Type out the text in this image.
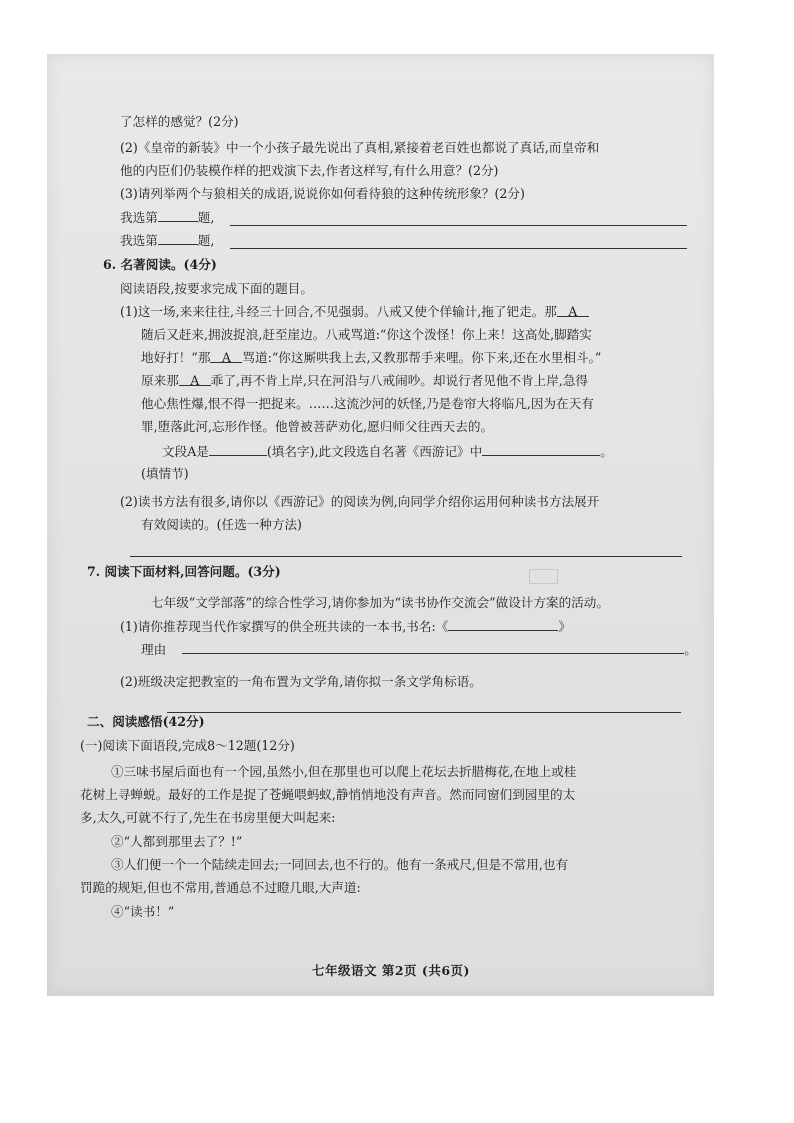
了怎样的感觉？(2分)
(2)《皇帝的新装》中一个小孩子最先说出了真相,紧接着老百姓也都说了真话,而皇帝和
他的内臣们仍装模作样的把戏演下去,作者这样写,有什么用意？(2分)
(3)请列举两个与狼相关的成语,说说你如何看待狼的这种传统形象？(2分)
我选第	题,
我选第	题,
6. 名著阅读。(4分)
阅读语段,按要求完成下面的题目。
(1)这一场,来来往往,斗经三十回合,不见强弱。八戒又使个佯输计,拖了钯走。那 A
随后又赶来,拥波捉浪,赶至崖边。八戒骂道:“你这个泼怪！你上来！这高处,脚踏实
地好打！”那 A 骂道:“你这厮哄我上去,又教那帮手来哩。你下来,还在水里相斗。”
原来那 A 乖了,再不肯上岸,只在河沿与八戒闹吵。却说行者见他不肯上岸,急得
他心焦性爆,恨不得一把捉来。……这流沙河的妖怪,乃是卷帘大将临凡,因为在天有
罪,堕落此河,忘形作怪。他曾被菩萨劝化,愿归师父往西天去的。
文段A是	(填名字),此文段选自名著《西游记》中	。
(填情节)
(2)读书方法有很多,请你以《西游记》的阅读为例,向同学介绍你运用何种读书方法展开
有效阅读的。(任选一种方法)
7. 阅读下面材料,回答问题。(3分)

七年级“文学部落”的综合性学习,请你参加为“读书协作交流会”做设计方案的活动。
(1)请你推荐现当代作家撰写的供全班共读的一本书,书名:《	》
理由	。
(2)班级决定把教室的一角布置为文学角,请你拟一条文学角标语。
二、阅读感悟(42分)
(一)阅读下面语段,完成8～12题(12分)
①三味书屋后面也有一个园,虽然小,但在那里也可以爬上花坛去折腊梅花,在地上或桂
花树上寻蝉蜕。最好的工作是捉了苍蝇喂蚂蚁,静悄悄地没有声音。然而同窗们到园里的太
多,太久,可就不行了,先生在书房里便大叫起来:
②“人都到那里去了？!”
③人们便一个一个陆续走回去;一同回去,也不行的。他有一条戒尺,但是不常用,也有
罚跪的规矩,但也不常用,普通总不过瞪几眼,大声道:
④“读书！”
七年级语文 第2页 (共6页)
